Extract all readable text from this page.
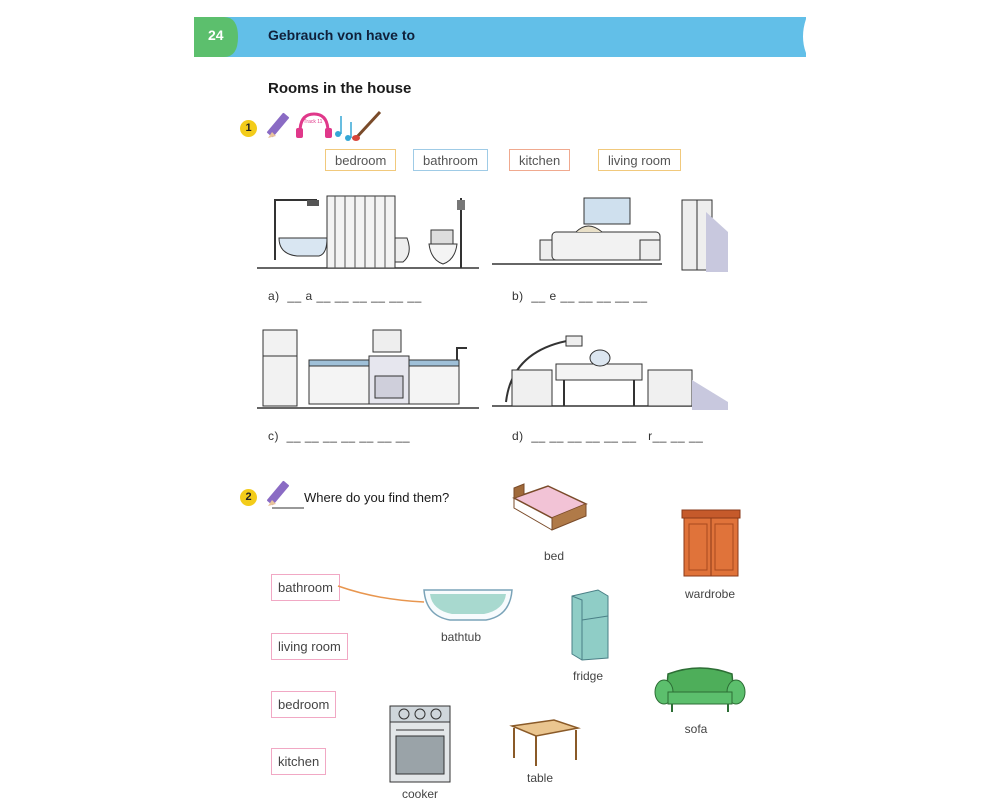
24	Gebrauch von have to
Rooms in the house
1	Track 11
bedroom	bathroom	kitchen	living room
a)  __ a __ __ __ __ __ __	b)  __ e __ __ __ __ __
c)  __ __ __ __ __ __ __	d)  __ __ __ __ __ __   r__ __ __
2	Where do you find them?
bathroom
living room
bedroom
kitchen
bed
wardrobe
bathtub
fridge
sofa
cooker
table
